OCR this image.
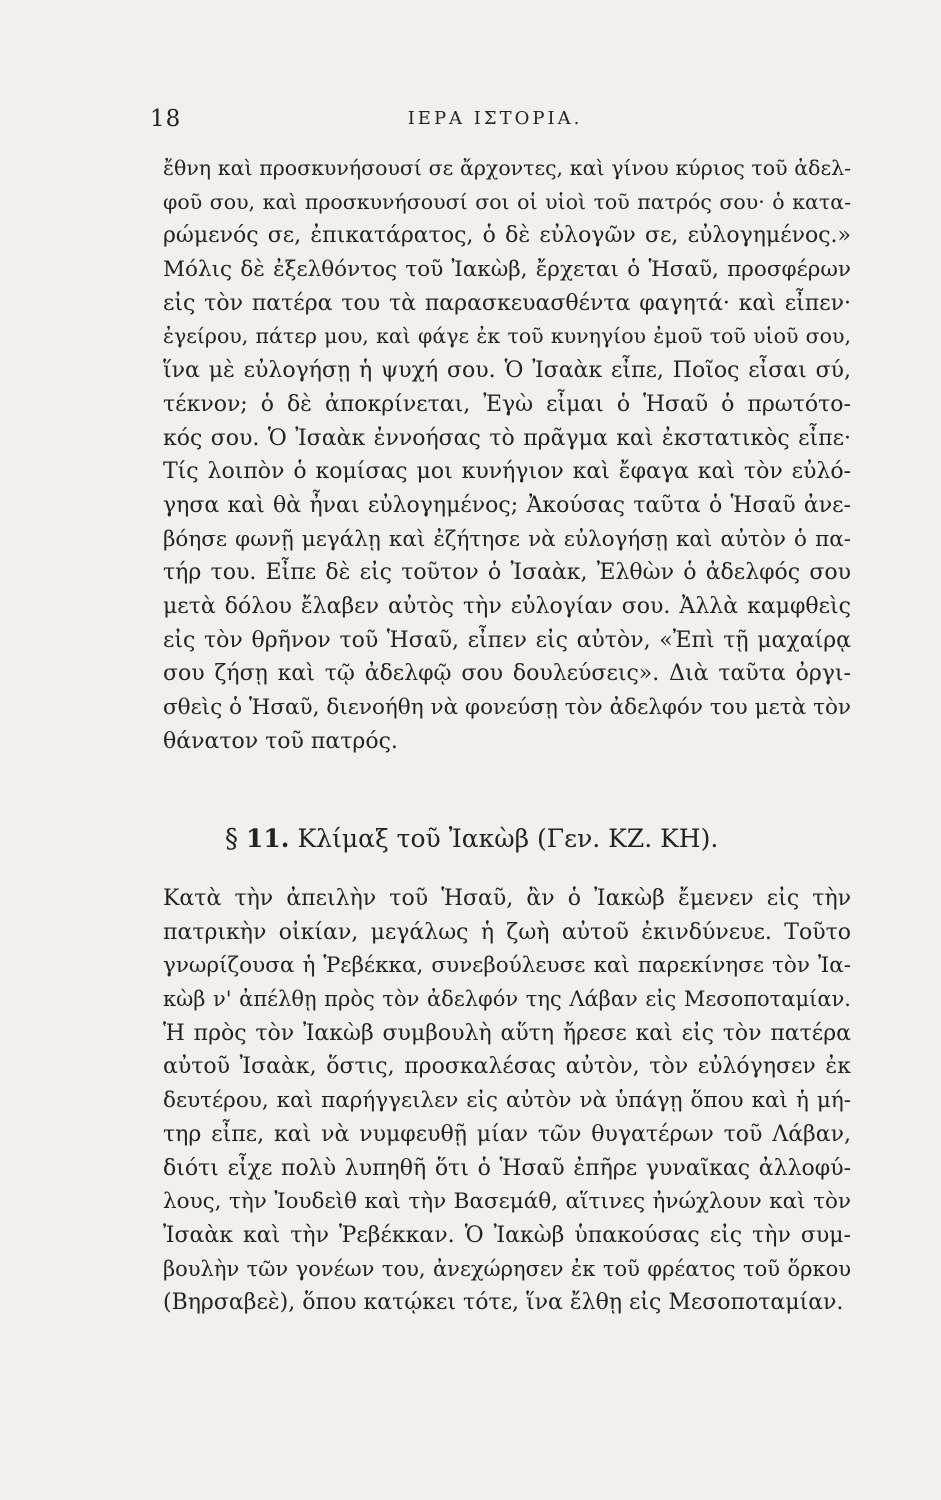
18	ΙΕΡΑ ΙΣΤΟΡΙΑ.
ἔθνη καὶ προσκυνήσουσί σε ἄρχοντες, καὶ γίνου κύριος τοῦ ἀδελ-
φοῦ σου, καὶ προσκυνήσουσί σοι οἱ υἱοὶ τοῦ πατρός σου· ὁ κατα-
ρώμενός σε, ἐπικατάρατος, ὁ δὲ εὐλογῶν σε, εὐλογημένος.»
Μόλις δὲ ἐξελθόντος τοῦ Ἰακὼβ, ἔρχεται ὁ Ἡσαῦ, προσφέρων
εἰς τὸν πατέρα του τὰ παρασκευασθέντα φαγητά· καὶ εἶπεν·
ἐγείρου, πάτερ μου, καὶ φάγε ἐκ τοῦ κυνηγίου ἐμοῦ τοῦ υἱοῦ σου,
ἵνα μὲ εὐλογήσῃ ἡ ψυχή σου. Ὁ Ἰσαὰκ εἶπε, Ποῖος εἶσαι σύ,
τέκνον; ὁ δὲ ἀποκρίνεται, Ἐγὼ εἶμαι ὁ Ἡσαῦ ὁ πρωτότο-
κός σου. Ὁ Ἰσαὰκ ἐννοήσας τὸ πρᾶγμα καὶ ἐκστατικὸς εἶπε·
Τίς λοιπὸν ὁ κομίσας μοι κυνήγιον καὶ ἔφαγα καὶ τὸν εὐλό-
γησα καὶ θὰ ἦναι εὐλογημένος; Ἀκούσας ταῦτα ὁ Ἡσαῦ ἀνε-
βόησε φωνῇ μεγάλῃ καὶ ἐζήτησε νὰ εὐλογήσῃ καὶ αὐτὸν ὁ πα-
τήρ του. Εἶπε δὲ εἰς τοῦτον ὁ Ἰσαὰκ, Ἐλθὼν ὁ ἀδελφός σου
μετὰ δόλου ἔλαβεν αὐτὸς τὴν εὐλογίαν σου. Ἀλλὰ καμφθεὶς
εἰς τὸν θρῆνον τοῦ Ἡσαῦ, εἶπεν εἰς αὐτὸν, «Ἐπὶ τῇ μαχαίρᾳ
σου ζήσῃ καὶ τῷ ἀδελφῷ σου δουλεύσεις». Διὰ ταῦτα ὀργι-
σθεὶς ὁ Ἡσαῦ, διενοήθη νὰ φονεύσῃ τὸν ἀδελφόν του μετὰ τὸν
θάνατον τοῦ πατρός.
§ 11. Κλίμαξ τοῦ Ἰακὼβ (Γεν. ΚΖ. ΚΗ).
Κατὰ τὴν ἀπειλὴν τοῦ Ἡσαῦ, ἂν ὁ Ἰακὼβ ἔμενεν εἰς τὴν
πατρικὴν οἰκίαν, μεγάλως ἡ ζωὴ αὐτοῦ ἐκινδύνευε. Τοῦτο
γνωρίζουσα ἡ Ῥεβέκκα, συνεβούλευσε καὶ παρεκίνησε τὸν Ἰα-
κὼβ ν' ἀπέλθῃ πρὸς τὸν ἀδελφόν της Λάβαν εἰς Μεσοποταμίαν.
Ἡ πρὸς τὸν Ἰακὼβ συμβουλὴ αὕτη ἤρεσε καὶ εἰς τὸν πατέρα
αὐτοῦ Ἰσαὰκ, ὅστις, προσκαλέσας αὐτὸν, τὸν εὐλόγησεν ἐκ
δευτέρου, καὶ παρήγγειλεν εἰς αὐτὸν νὰ ὑπάγῃ ὅπου καὶ ἡ μή-
τηρ εἶπε, καὶ νὰ νυμφευθῇ μίαν τῶν θυγατέρων τοῦ Λάβαν,
διότι εἶχε πολὺ λυπηθῆ ὅτι ὁ Ἡσαῦ ἐπῆρε γυναῖκας ἀλλοφύ-
λους, τὴν Ἰουδεὶθ καὶ τὴν Βασεμάθ, αἵτινες ἠνώχλουν καὶ τὸν
Ἰσαὰκ καὶ τὴν Ῥεβέκκαν. Ὁ Ἰακὼβ ὑπακούσας εἰς τὴν συμ-
βουλὴν τῶν γονέων του, ἀνεχώρησεν ἐκ τοῦ φρέατος τοῦ ὅρκου
(Βηρσαβεὲ), ὅπου κατῴκει τότε, ἵνα ἔλθῃ εἰς Μεσοποταμίαν.
